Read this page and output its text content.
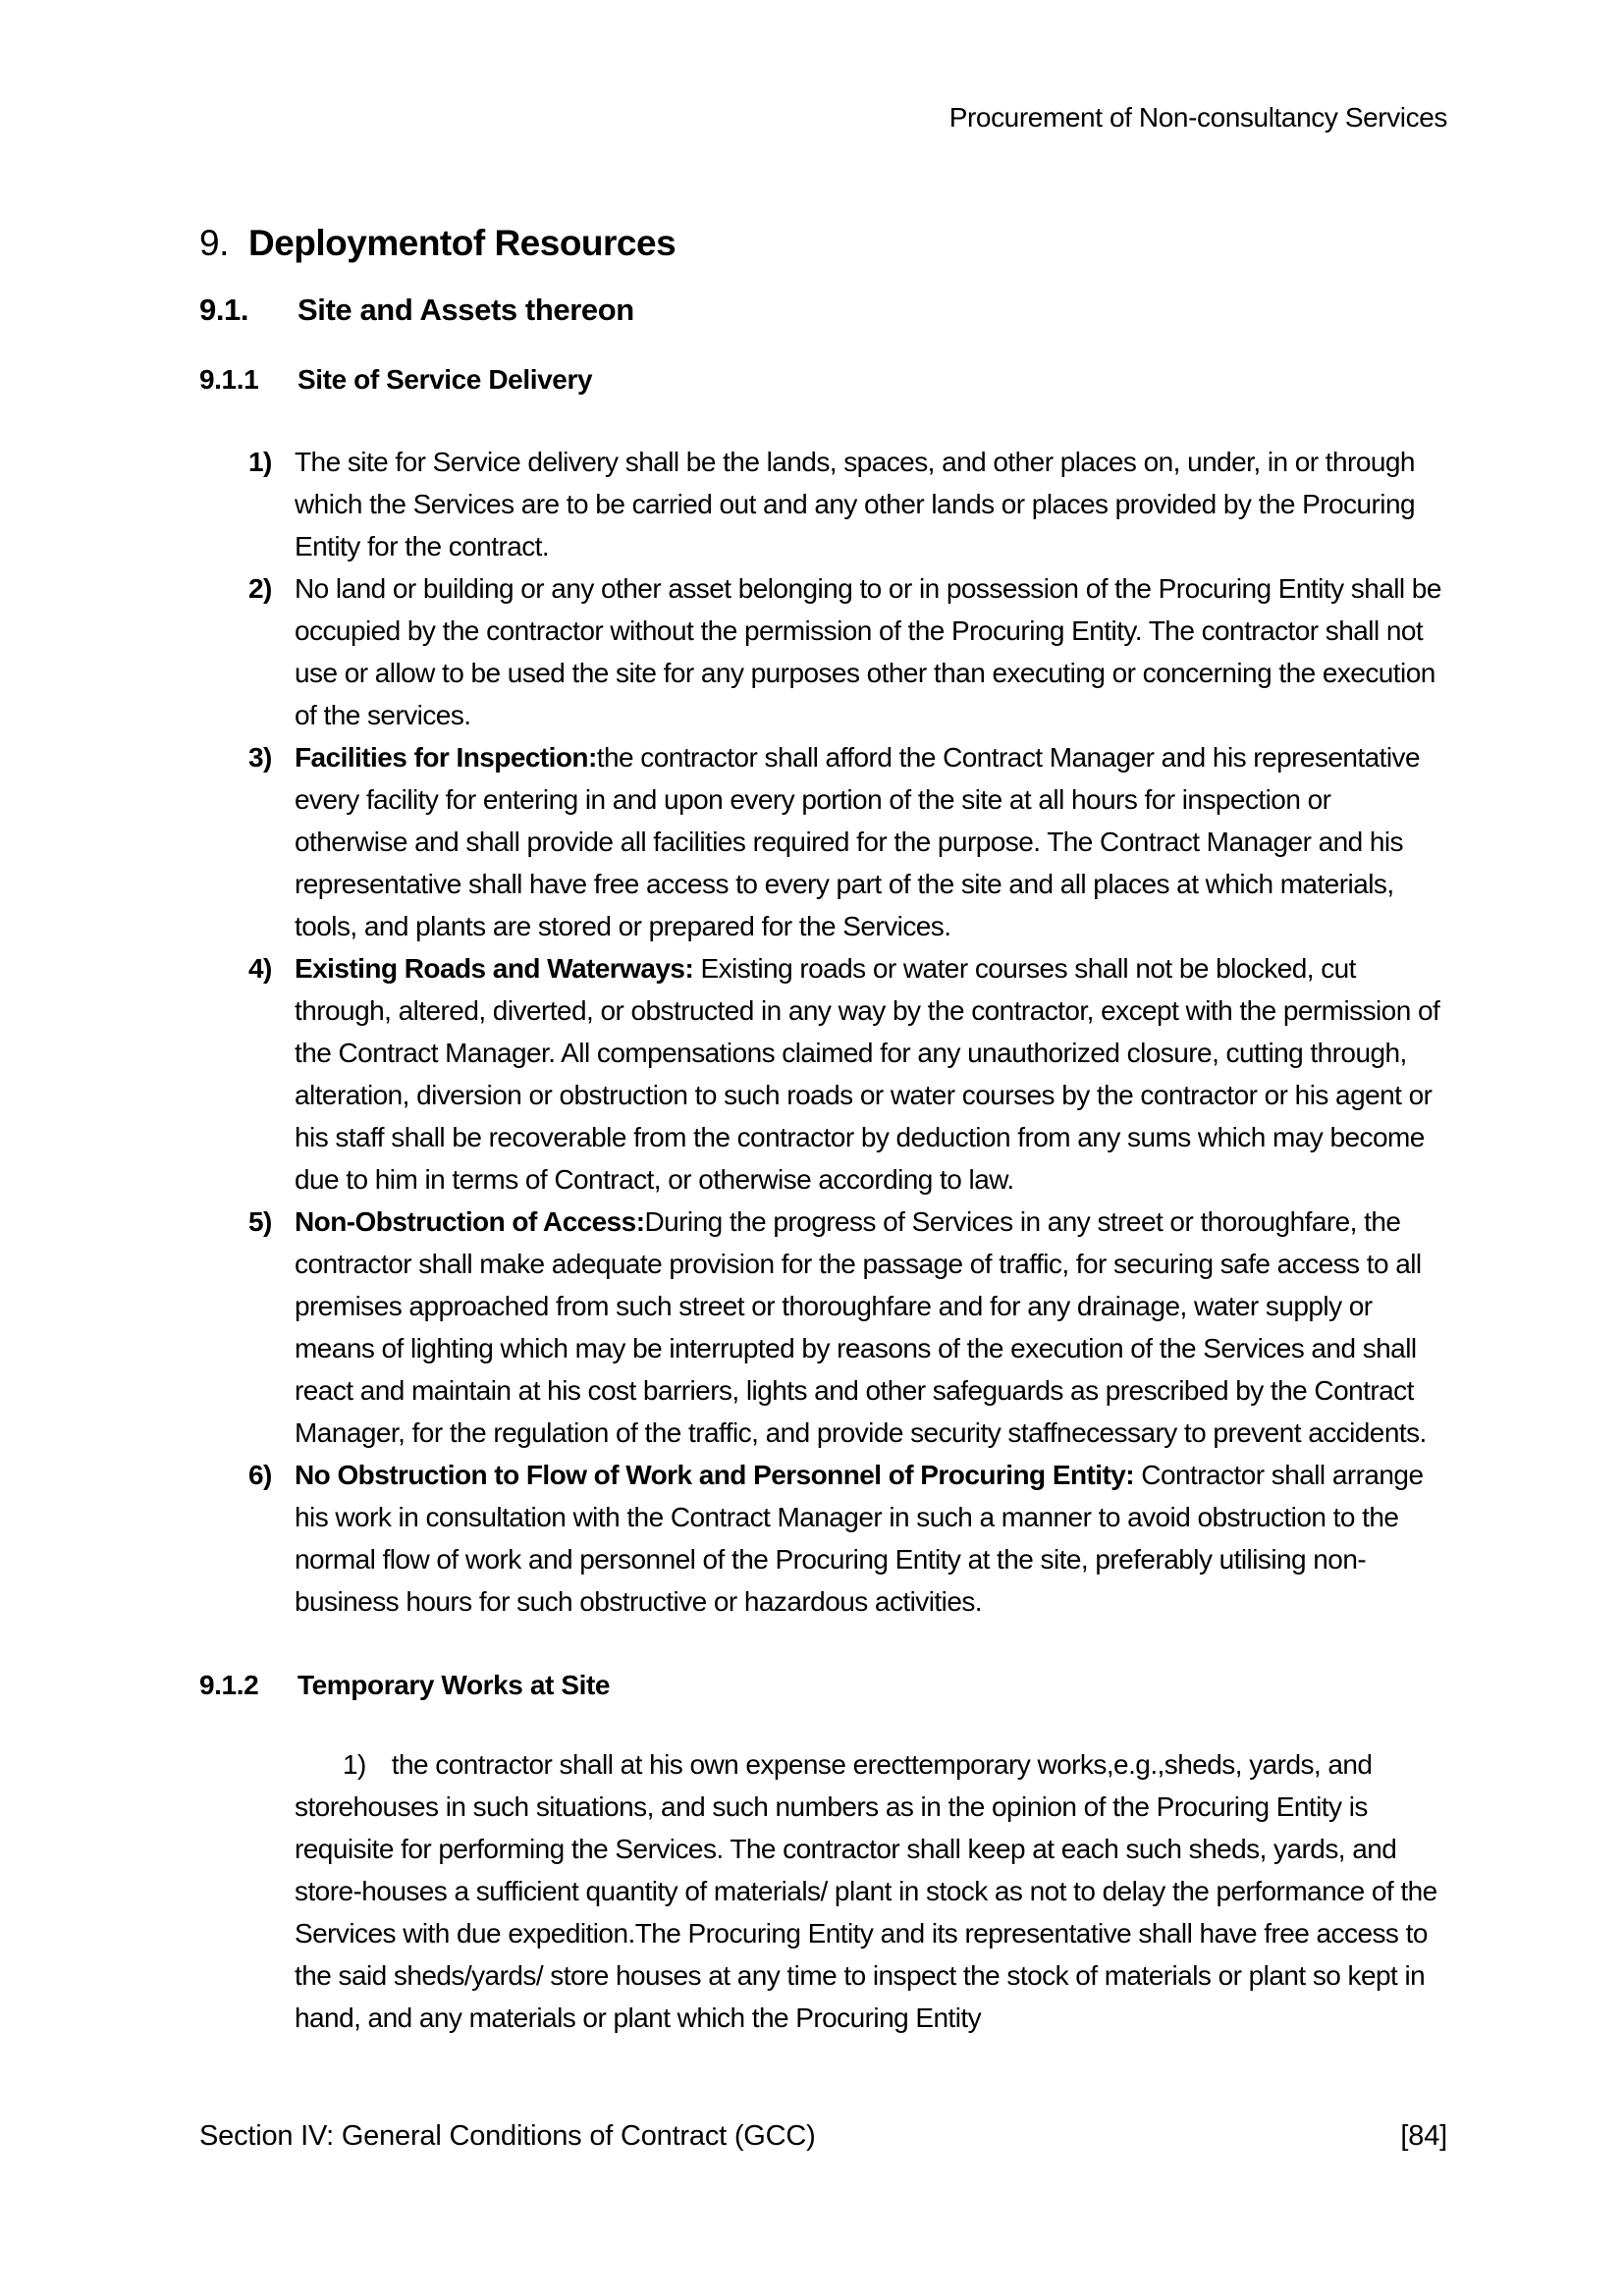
Procurement of Non-consultancy Services
9. Deploymentof Resources
9.1. Site and Assets thereon
9.1.1 Site of Service Delivery
1) The site for Service delivery shall be the lands, spaces, and other places on, under, in or through which the Services are to be carried out and any other lands or places provided by the Procuring Entity for the contract.
2) No land or building or any other asset belonging to or in possession of the Procuring Entity shall be occupied by the contractor without the permission of the Procuring Entity. The contractor shall not use or allow to be used the site for any purposes other than executing or concerning the execution of the services.
3) Facilities for Inspection:the contractor shall afford the Contract Manager and his representative every facility for entering in and upon every portion of the site at all hours for inspection or otherwise and shall provide all facilities required for the purpose. The Contract Manager and his representative shall have free access to every part of the site and all places at which materials, tools, and plants are stored or prepared for the Services.
4) Existing Roads and Waterways: Existing roads or water courses shall not be blocked, cut through, altered, diverted, or obstructed in any way by the contractor, except with the permission of the Contract Manager. All compensations claimed for any unauthorized closure, cutting through, alteration, diversion or obstruction to such roads or water courses by the contractor or his agent or his staff shall be recoverable from the contractor by deduction from any sums which may become due to him in terms of Contract, or otherwise according to law.
5) Non-Obstruction of Access:During the progress of Services in any street or thoroughfare, the contractor shall make adequate provision for the passage of traffic, for securing safe access to all premises approached from such street or thoroughfare and for any drainage, water supply or means of lighting which may be interrupted by reasons of the execution of the Services and shall react and maintain at his cost barriers, lights and other safeguards as prescribed by the Contract Manager, for the regulation of the traffic, and provide security staffnecessary to prevent accidents.
6) No Obstruction to Flow of Work and Personnel of Procuring Entity: Contractor shall arrange his work in consultation with the Contract Manager in such a manner to avoid obstruction to the normal flow of work and personnel of the Procuring Entity at the site, preferably utilising non-business hours for such obstructive or hazardous activities.
9.1.2 Temporary Works at Site

1) the contractor shall at his own expense erecttemporary works,e.g.,sheds, yards, and storehouses in such situations, and such numbers as in the opinion of the Procuring Entity is requisite for performing the Services. The contractor shall keep at each such sheds, yards, and store-houses a sufficient quantity of materials/ plant in stock as not to delay the performance of the Services with due expedition.The Procuring Entity and its representative shall have free access to the said sheds/yards/ store houses at any time to inspect the stock of materials or plant so kept in hand, and any materials or plant which the Procuring Entity

Section IV: General Conditions of Contract (GCC)	[84]
